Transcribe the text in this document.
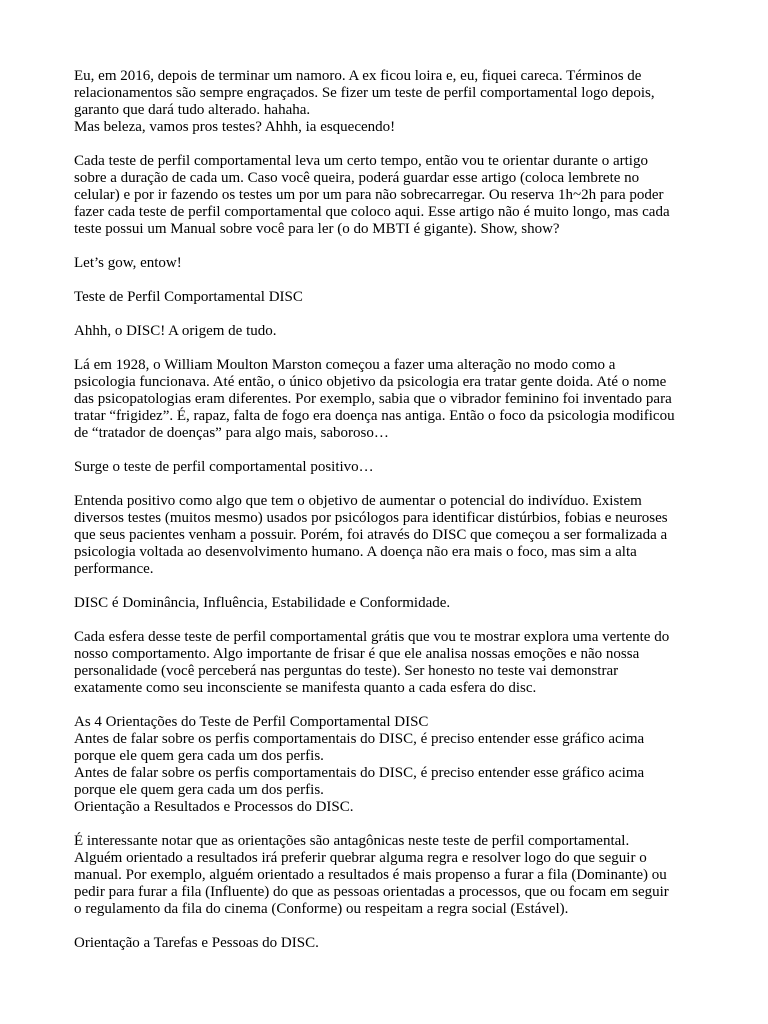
Eu, em 2016, depois de terminar um namoro. A ex ficou loira e, eu, fiquei careca. Términos de
relacionamentos são sempre engraçados. Se fizer um teste de perfil comportamental logo depois,
garanto que dará tudo alterado. hahaha.
Mas beleza, vamos pros testes? Ahhh, ia esquecendo!
Cada teste de perfil comportamental leva um certo tempo, então vou te orientar durante o artigo
sobre a duração de cada um. Caso você queira, poderá guardar esse artigo (coloca lembrete no
celular) e por ir fazendo os testes um por um para não sobrecarregar. Ou reserva 1h~2h para poder
fazer cada teste de perfil comportamental que coloco aqui. Esse artigo não é muito longo, mas cada
teste possui um Manual sobre você para ler (o do MBTI é gigante). Show, show?
Let’s gow, entow!
Teste de Perfil Comportamental DISC
Ahhh, o DISC! A origem de tudo.
Lá em 1928, o William Moulton Marston começou a fazer uma alteração no modo como a
psicologia funcionava. Até então, o único objetivo da psicologia era tratar gente doida. Até o nome
das psicopatologias eram diferentes. Por exemplo, sabia que o vibrador feminino foi inventado para
tratar “frigidez”. É, rapaz, falta de fogo era doença nas antiga. Então o foco da psicologia modificou
de “tratador de doenças” para algo mais, saboroso…
Surge o teste de perfil comportamental positivo…
Entenda positivo como algo que tem o objetivo de aumentar o potencial do indivíduo. Existem
diversos testes (muitos mesmo) usados por psicólogos para identificar distúrbios, fobias e neuroses
que seus pacientes venham a possuir. Porém, foi através do DISC que começou a ser formalizada a
psicologia voltada ao desenvolvimento humano. A doença não era mais o foco, mas sim a alta
performance.
DISC é Dominância, Influência, Estabilidade e Conformidade.
Cada esfera desse teste de perfil comportamental grátis que vou te mostrar explora uma vertente do
nosso comportamento. Algo importante de frisar é que ele analisa nossas emoções e não nossa
personalidade (você perceberá nas perguntas do teste). Ser honesto no teste vai demonstrar
exatamente como seu inconsciente se manifesta quanto a cada esfera do disc.
As 4 Orientações do Teste de Perfil Comportamental DISC
Antes de falar sobre os perfis comportamentais do DISC, é preciso entender esse gráfico acima
porque ele quem gera cada um dos perfis.
Antes de falar sobre os perfis comportamentais do DISC, é preciso entender esse gráfico acima
porque ele quem gera cada um dos perfis.
Orientação a Resultados e Processos do DISC.
É interessante notar que as orientações são antagônicas neste teste de perfil comportamental.
Alguém orientado a resultados irá preferir quebrar alguma regra e resolver logo do que seguir o
manual. Por exemplo, alguém orientado a resultados é mais propenso a furar a fila (Dominante) ou
pedir para furar a fila (Influente) do que as pessoas orientadas a processos, que ou focam em seguir
o regulamento da fila do cinema (Conforme) ou respeitam a regra social (Estável).
Orientação a Tarefas e Pessoas do DISC.
